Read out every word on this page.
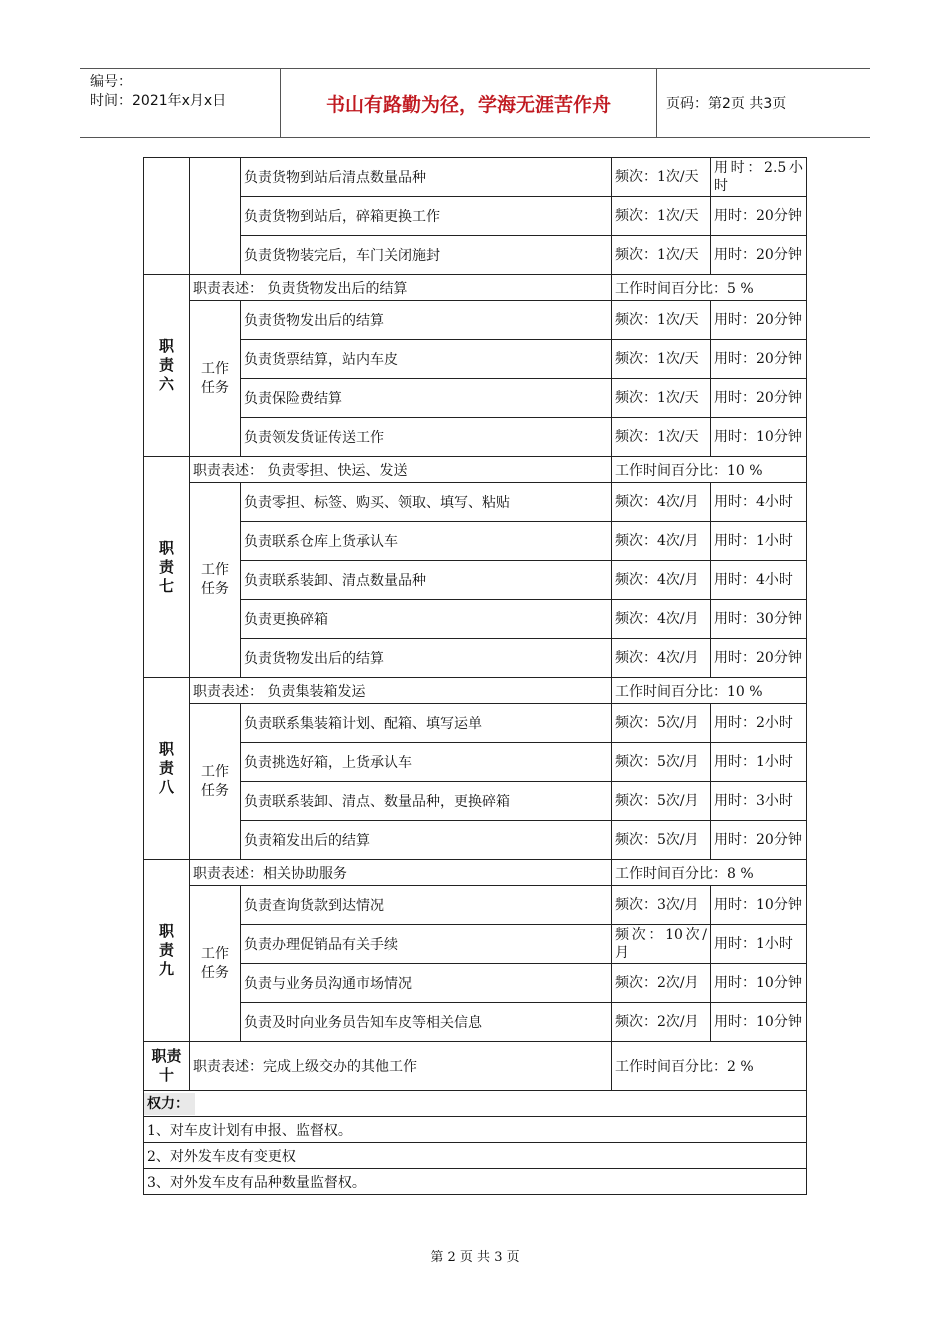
编号：
时间：2021年x月x日	书山有路勤为径，学海无涯苦作舟	页码：第2页 共3页
		负责货物到站后清点数量品种	频次：1次/天	用时：2.5小时
		负责货物到站后，碎箱更换工作	频次：1次/天	用时：20分钟
		负责货物装完后，车门关闭施封	频次：1次/天	用时：20分钟
职责六	职责表述： 负责货物发出后的结算		工作时间百分比：5 %	
	工作任务	负责货物发出后的结算	频次：1次/天	用时：20分钟
		负责货票结算，站内车皮	频次：1次/天	用时：20分钟
		负责保险费结算	频次：1次/天	用时：20分钟
		负责领发货证传送工作	频次：1次/天	用时：10分钟
职责七	职责表述： 负责零担、快运、发送		工作时间百分比：10 %	
	工作任务	负责零担、标签、购买、领取、填写、粘贴	频次：4次/月	用时：4小时
		负责联系仓库上货承认车	频次：4次/月	用时：1小时
		负责联系装卸、清点数量品种	频次：4次/月	用时：4小时
		负责更换碎箱	频次：4次/月	用时：30分钟
		负责货物发出后的结算	频次：4次/月	用时：20分钟
职责八	职责表述： 负责集装箱发运		工作时间百分比：10 %	
	工作任务	负责联系集装箱计划、配箱、填写运单	频次：5次/月	用时：2小时
		负责挑选好箱，上货承认车	频次：5次/月	用时：1小时
		负责联系装卸、清点、数量品种，更换碎箱	频次：5次/月	用时：3小时
		负责箱发出后的结算	频次：5次/月	用时：20分钟
职责九	职责表述：相关协助服务		工作时间百分比：8 %	
	工作任务	负责查询货款到达情况	频次：3次/月	用时：10分钟
		负责办理促销品有关手续	频次：10次/月	用时：1小时
		负责与业务员沟通市场情况	频次：2次/月	用时：10分钟
		负责及时向业务员告知车皮等相关信息	频次：2次/月	用时：10分钟
职责十	职责表述：完成上级交办的其他工作		工作时间百分比：2 %	
权力：				
1、对车皮计划有申报、监督权。				
2、对外发车皮有变更权				
3、对外发车皮有品种数量监督权。				
第 2 页 共 3 页
